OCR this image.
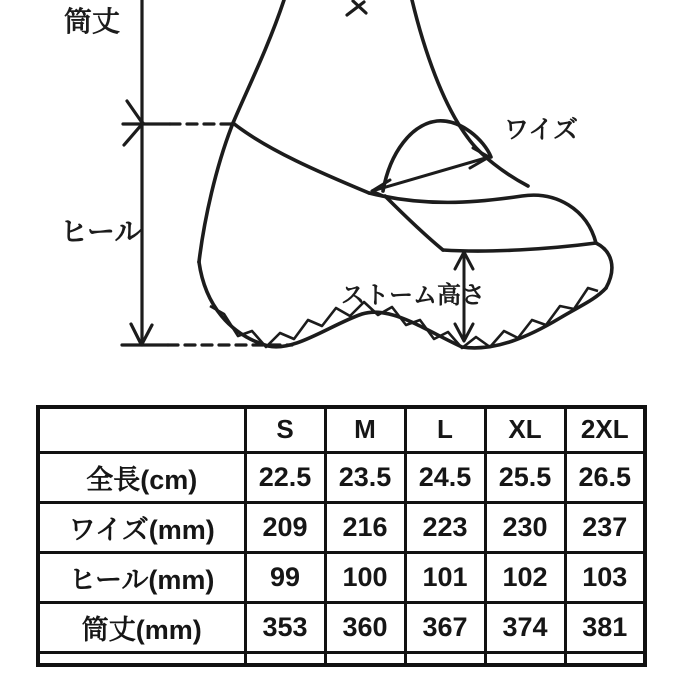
筒丈
ヒール
ワイズ
ストーム高さ
	S	M	L	XL	2XL
全長(cm)	22.5	23.5	24.5	25.5	26.5
ワイズ(mm)	209	216	223	230	237
ヒール(mm)	99	100	101	102	103
筒丈(mm)	353	360	367	374	381
